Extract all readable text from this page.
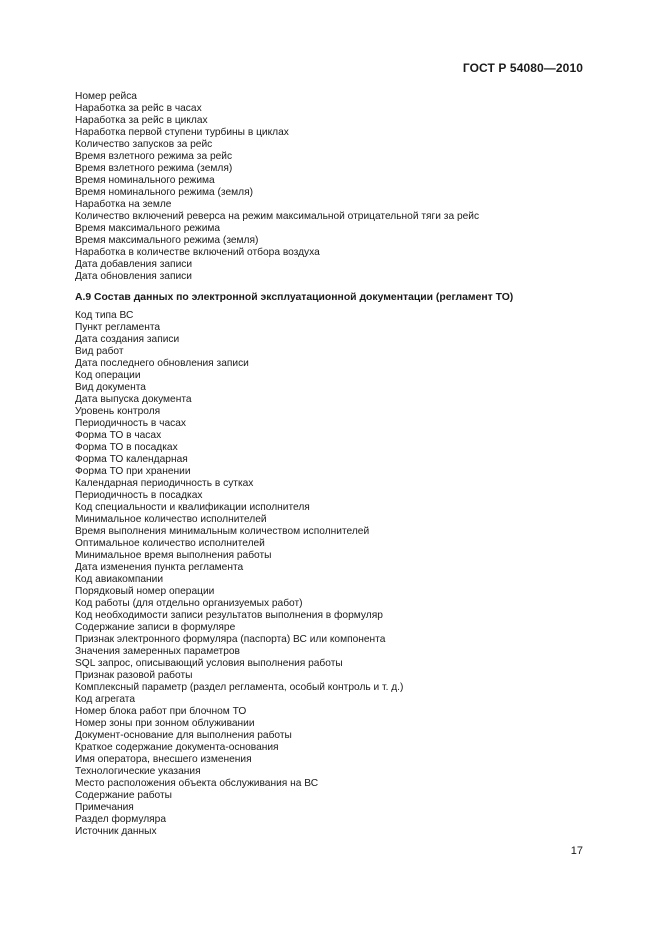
ГОСТ Р 54080—2010
Номер рейса
Наработка за рейс в часах
Наработка за рейс в циклах
Наработка первой ступени турбины в циклах
Количество запусков за рейс
Время взлетного режима за рейс
Время взлетного режима (земля)
Время номинального режима
Время номинального режима (земля)
Наработка на земле
Количество включений реверса на режим максимальной отрицательной тяги за рейс
Время максимального режима
Время максимального режима (земля)
Наработка в количестве включений отбора воздуха
Дата добавления записи
Дата обновления записи
А.9 Состав данных по электронной эксплуатационной документации (регламент ТО)
Код типа ВС
Пункт регламента
Дата создания записи
Вид работ
Дата последнего обновления записи
Код операции
Вид документа
Дата выпуска документа
Уровень контроля
Периодичность в часах
Форма ТО в часах
Форма ТО в посадках
Форма ТО календарная
Форма ТО при хранении
Календарная периодичность в сутках
Периодичность в посадках
Код специальности и квалификации исполнителя
Минимальное количество исполнителей
Время выполнения минимальным количеством исполнителей
Оптимальное количество исполнителей
Минимальное время выполнения работы
Дата изменения пункта регламента
Код авиакомпании
Порядковый номер операции
Код работы (для отдельно организуемых работ)
Код необходимости записи результатов выполнения в формуляр
Содержание записи в формуляре
Признак электронного формуляра (паспорта) ВС или компонента
Значения замеренных параметров
SQL запрос, описывающий условия выполнения работы
Признак разовой работы
Комплексный параметр (раздел регламента, особый контроль и т. д.)
Код агрегата
Номер блока работ при блочном ТО
Номер зоны при зонном облуживании
Документ-основание для выполнения работы
Краткое содержание документа-основания
Имя оператора, внесшего изменения
Технологические указания
Место расположения объекта обслуживания на ВС
Содержание работы
Примечания
Раздел формуляра
Источник данных
17
